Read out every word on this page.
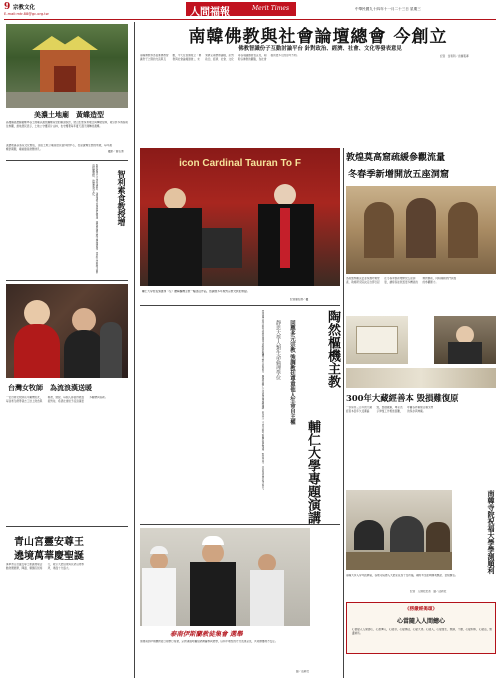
9 宗教文化
E-mail:mtr.88@gc.org.tw	人間福報	Merit Times	中華民國九十四年十一月二十三日 星期三
美濃土地廟　黃蝶造型
高雄縣美濃鎮黃蝶翠谷土地廟以黃色蝴蝶造型的屋頂設計，結合生態保育理念與傳統信仰，吸引許多遊客前往參觀，當地居民表示，土地公守護這片山林，也守護著每年夏天漫天飛舞的黃蝶。
美濃地區以客家文化聞名，這座土地公廟是居民信仰的中心，也是黃蝶生態的象徵，每年黃蝶祭期間，廟前總是熱鬧非凡。
攝影／簡名道
智利素食人口逐年增加，越來越多民眾基於健康、環保與護生理念選擇素食，當地大學教授也開設相關課程，推廣素食文化。	智利素食教授增
台灣女牧師　為流浪漢送暖
一位台灣女牧師長年關懷街友，每到寒冬便帶領志工送上熱食與棉被，她說，每個人都值得被溫柔對待，希望社會給予流浪漢更多關懷與協助。
青山宮靈安尊王
遶境萬華慶聖誕
萬華青山宮靈安尊王聖誕遶境活動熱鬧展開，陣頭、藝閣沿街遊行，吸引大批信眾與民眾沿途參拜，場面十分盛大。
南韓佛教與社會論壇總會 今創立
佛教智識份子互動討論平台 針對政治、經濟、社會、文化等發表意見
南韓佛教界為促進佛教智識份子之間的交流與互動，今天在首爾成立「佛教與社會論壇總會」，未來將定期舉辦論壇，針對政治、經濟、社會、文化等各項議題發表意見，期盼以佛教的觀點，為社會提供更多元的思考方向。	記者　金宥利／首爾報導
icon Cardinal Tauran To F
輔仁大學校長黎建球（左）贈陶樞機主教一幅書法作品，感謝他多年來對宗教交談的貢獻。
記者簡名道／攝
敦煌莫高窟疏緩參觀流量
冬春季新增開放五座洞窟
為疏緩參觀流量並保護珍貴壁畫，敦煌研究院決定自即日起在冬春季節新增開放五座洞窟，讓遊客能欣賞更多精美的佛教藝術，同時減輕熱門洞窟的參觀壓力。
陶然樞機主教
回應多元宗教 強調教廷尊重他人生命自主權
輔仁大學專題演講
靜思大學人類生命倫理學位
梵蒂岡宗座宗教交談委員會主席陶然樞機主教日前訪台，應邀在輔仁大學發表專題演講，他表示，不同宗教之間應彼此尊重、對話合作，共同為世界和平努力。	300年大藏經善本 毀損難復原
一部保存三百年的大藏經善本因年久受潮蟲蛀，毀損嚴重，專家表示修復工作相當困難，呼籲各界重視古籍文物的保存與典藏。
泰南伊斯蘭教徒集會 選舉
泰國南部伊斯蘭教徒日前舉行集會，宗教領袖呼籲信眾踴躍參與選舉，以和平理性的方式表達意見，共同維護地方安定。
圖／法新社
南韓寺院祝福大學學測順利
南韓大學入學考試將屆，各地寺院湧入大批家長為子女祈福，期盼考生能夠順利應試、金榜題名。
記者　人間社記者　圖／法新社
《楞嚴經偈頌》
心當隨入人間總心
心當隨入人間總心，心當傳入，心隨身，心隨佛法，心隨大眾。心隨入，心隨當生，無緣，不動，心隨如如，心隨法，無邊處所。
